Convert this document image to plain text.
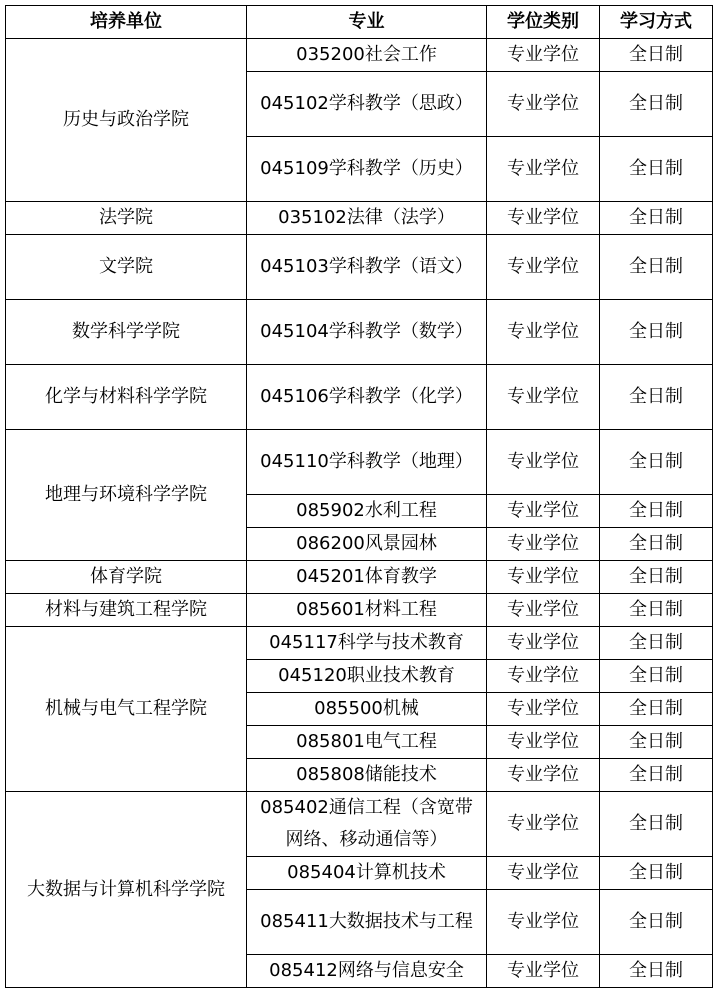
培养单位	专业	学位类别	学习方式
历史与政治学院	035200社会工作	专业学位	全日制
	045102学科教学（思政）	专业学位	全日制
	045109学科教学（历史）	专业学位	全日制
法学院	035102法律（法学）	专业学位	全日制
文学院	045103学科教学（语文）	专业学位	全日制
数学科学学院	045104学科教学（数学）	专业学位	全日制
化学与材料科学学院	045106学科教学（化学）	专业学位	全日制
地理与环境科学学院	045110学科教学（地理）	专业学位	全日制
	085902水利工程	专业学位	全日制
	086200风景园林	专业学位	全日制
体育学院	045201体育教学	专业学位	全日制
材料与建筑工程学院	085601材料工程	专业学位	全日制
机械与电气工程学院	045117科学与技术教育	专业学位	全日制
	045120职业技术教育	专业学位	全日制
	085500机械	专业学位	全日制
	085801电气工程	专业学位	全日制
	085808储能技术	专业学位	全日制
大数据与计算机科学学院	085402通信工程（含宽带网络、移动通信等）	专业学位	全日制
	085404计算机技术	专业学位	全日制
	085411大数据技术与工程	专业学位	全日制
	085412网络与信息安全	专业学位	全日制
